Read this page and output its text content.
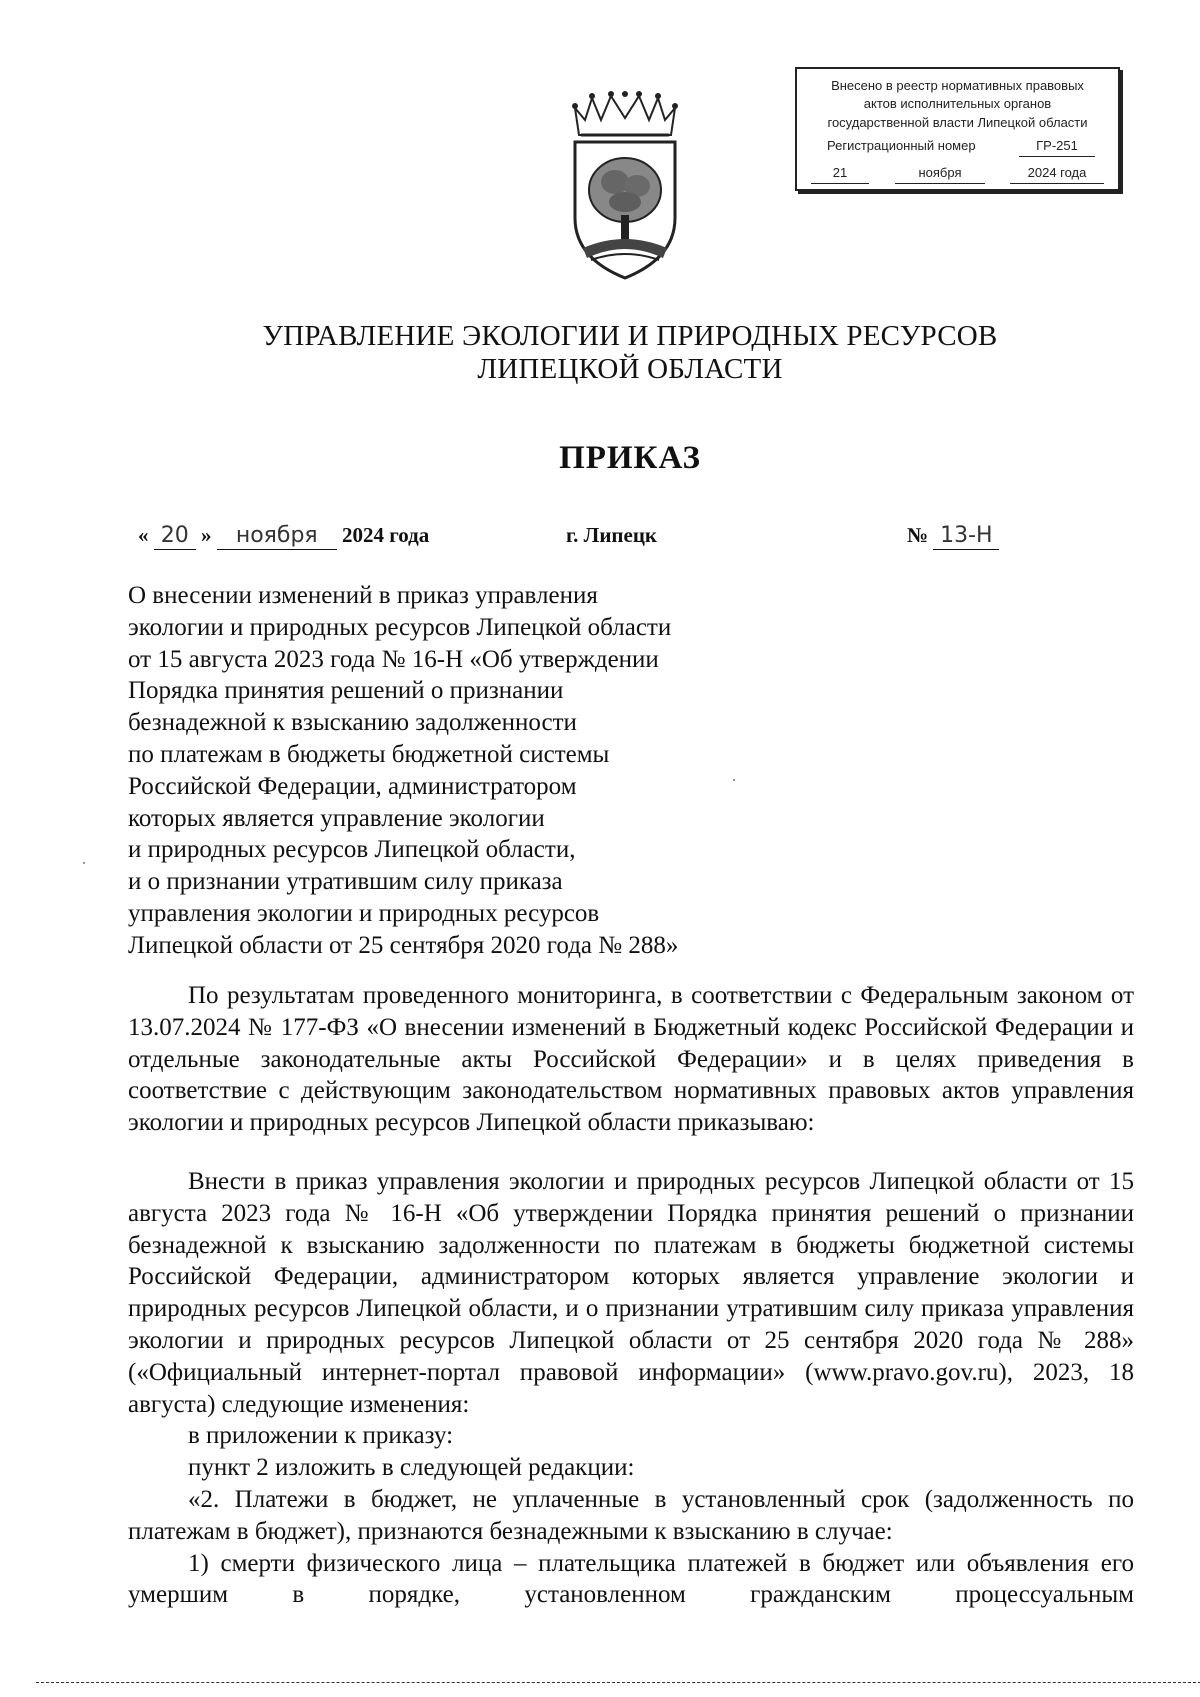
Внесено в реестр нормативных правовых
актов исполнительных органов
государственной власти Липецкой области
Регистрационный номер	ГР-251
21	ноября	2024 года
УПРАВЛЕНИЕ ЭКОЛОГИИ И ПРИРОДНЫХ РЕСУРСОВ
ЛИПЕЦКОЙ ОБЛАСТИ
ПРИКАЗ
« 20 » ноября 2024 года	г. Липецк	№ 13-Н
О внесении изменений в приказ управления
экологии и природных ресурсов Липецкой области
от 15 августа 2023 года № 16-Н «Об утверждении
Порядка принятия решений о признании
безнадежной к взысканию задолженности
по платежам в бюджеты бюджетной системы
Российской Федерации, администратором
которых является управление экологии
и природных ресурсов Липецкой области,
и о признании утратившим силу приказа
управления экологии и природных ресурсов
Липецкой области от 25 сентября 2020 года № 288»

По результатам проведенного мониторинга, в соответствии с Федеральным законом от 13.07.2024 № 177-ФЗ «О внесении изменений в Бюджетный кодекс Российской Федерации и отдельные законодательные акты Российской Федерации» и в целях приведения в соответствие с действующим законодательством нормативных правовых актов управления экологии и природных ресурсов Липецкой области приказываю:

Внести в приказ управления экологии и природных ресурсов Липецкой области от 15 августа 2023 года № 16-Н «Об утверждении Порядка принятия решений о признании безнадежной к взысканию задолженности по платежам в бюджеты бюджетной системы Российской Федерации, администратором которых является управление экологии и природных ресурсов Липецкой области, и о признании утратившим силу приказа управления экологии и природных ресурсов Липецкой области от 25 сентября 2020 года № 288» («Официальный интернет-портал правовой информации» (www.pravo.gov.ru), 2023, 18 августа) следующие изменения:

в приложении к приказу:

пункт 2 изложить в следующей редакции:

«2. Платежи в бюджет, не уплаченные в установленный срок (задолженность по платежам в бюджет), признаются безнадежными к взысканию в случае:

1) смерти физического лица – плательщика платежей в бюджет или объявления его умершим в порядке, установленном гражданским процессуальным
